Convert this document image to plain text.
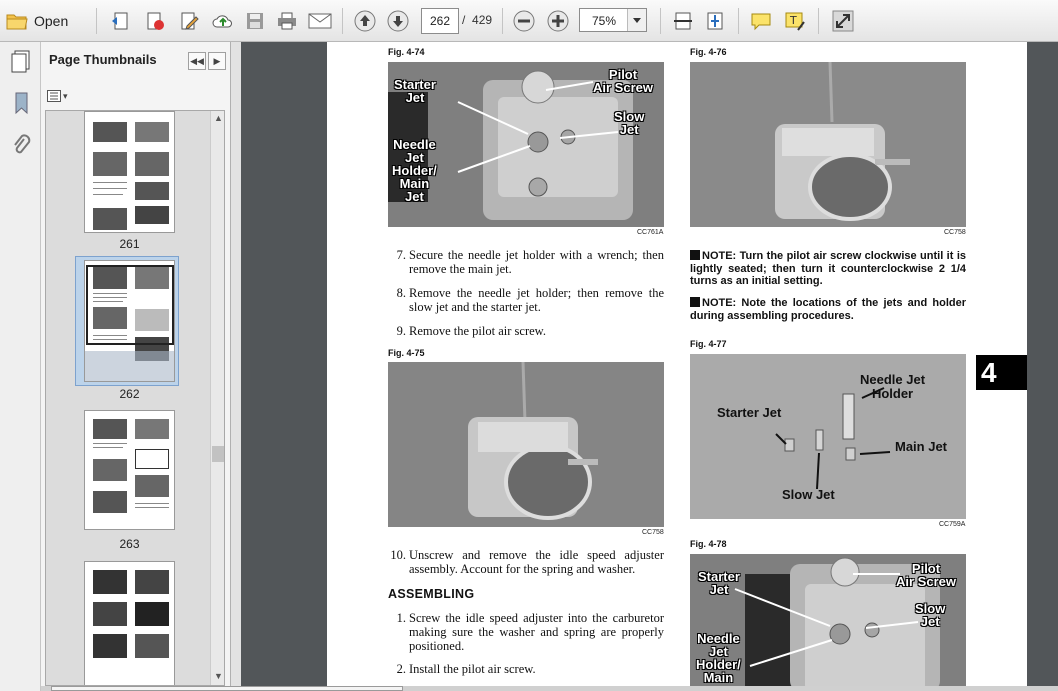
Open	262 / 429	75%	T
Page Thumbnails	◀◀ ▶
▾
261
262
263
▲
▼
Fig. 4-74
Starter
Jet
Pilot
Air Screw
Slow
Jet
Needle
Jet
Holder/
Main
Jet
CC761A
7. Secure the needle jet holder with a wrench; then remove the main jet.
8. Remove the needle jet holder; then remove the slow jet and the starter jet.
9. Remove the pilot air screw.
Fig. 4-75
CC758
10. Unscrew and remove the idle speed adjuster assembly. Account for the spring and washer.
ASSEMBLING
1. Screw the idle speed adjuster into the carburetor making sure the washer and spring are properly positioned.
2. Install the pilot air screw.
Fig. 4-76
CC758
NOTE: Turn the pilot air screw clockwise until it is lightly seated; then turn it counterclockwise 2 1/4 turns as an initial setting.
NOTE: Note the locations of the jets and holder during assembling procedures.
Fig. 4-77
Needle Jet
Holder
Starter Jet
Main Jet
Slow Jet
CC759A
Fig. 4-78
Starter
Jet
Pilot
Air Screw
Slow
Jet
Needle
Jet
Holder/
Main
4
